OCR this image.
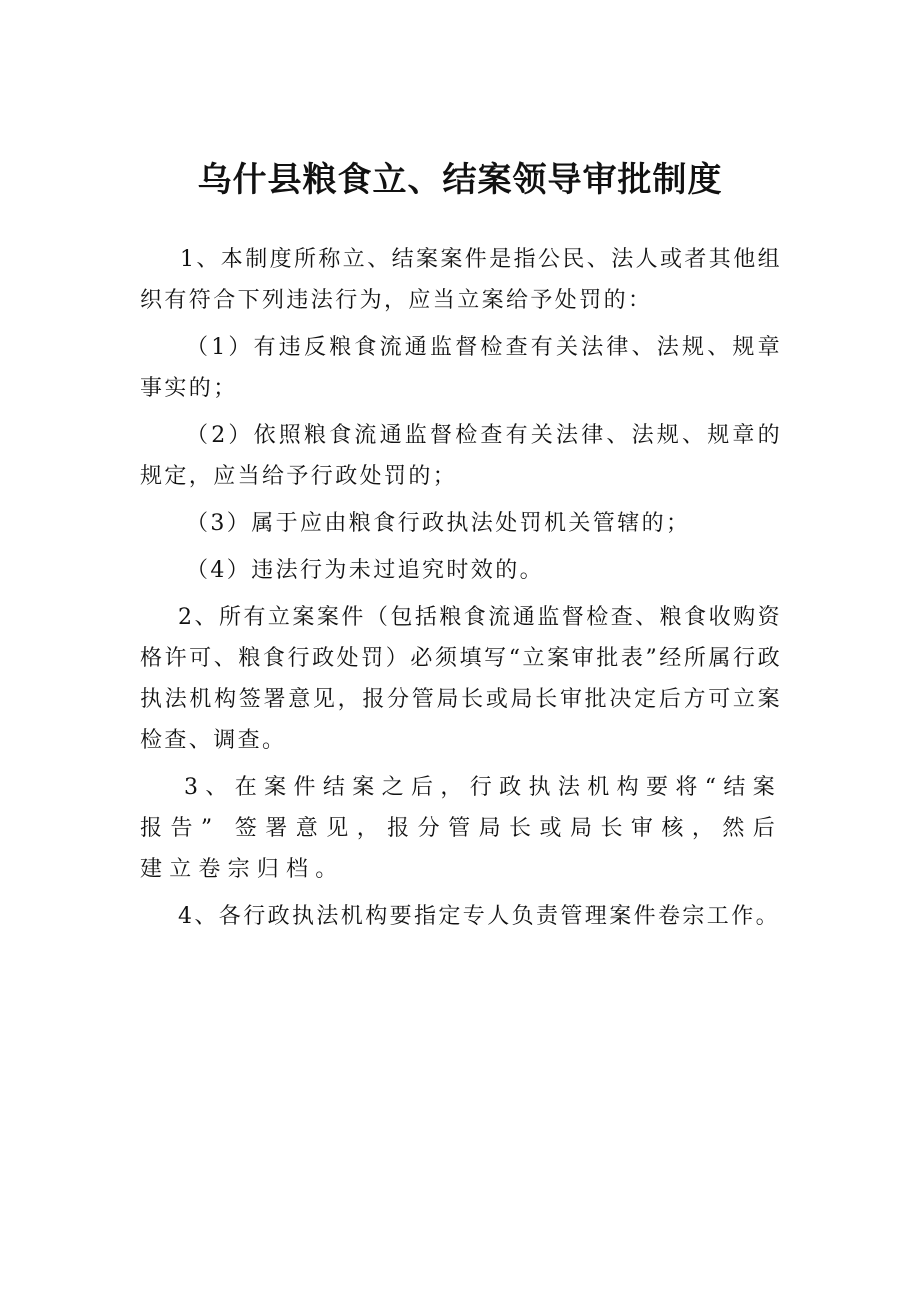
乌什县粮食立、结案领导审批制度

1、本制度所称立、结案案件是指公民、法人或者其他组织有符合下列违法行为，应当立案给予处罚的：

（1）有违反粮食流通监督检查有关法律、法规、规章事实的；

（2）依照粮食流通监督检查有关法律、法规、规章的规定，应当给予行政处罚的；

（3）属于应由粮食行政执法处罚机关管辖的；

（4）违法行为未过追究时效的。

2、所有立案案件（包括粮食流通监督检查、粮食收购资格许可、粮食行政处罚）必须填写“立案审批表”经所属行政执法机构签署意见，报分管局长或局长审批决定后方可立案检查、调查。

3、在案件结案之后，行政执法机构要将“结案报告” 签署意见，报分管局长或局长审核，然后建立卷宗归档。

4、各行政执法机构要指定专人负责管理案件卷宗工作。
